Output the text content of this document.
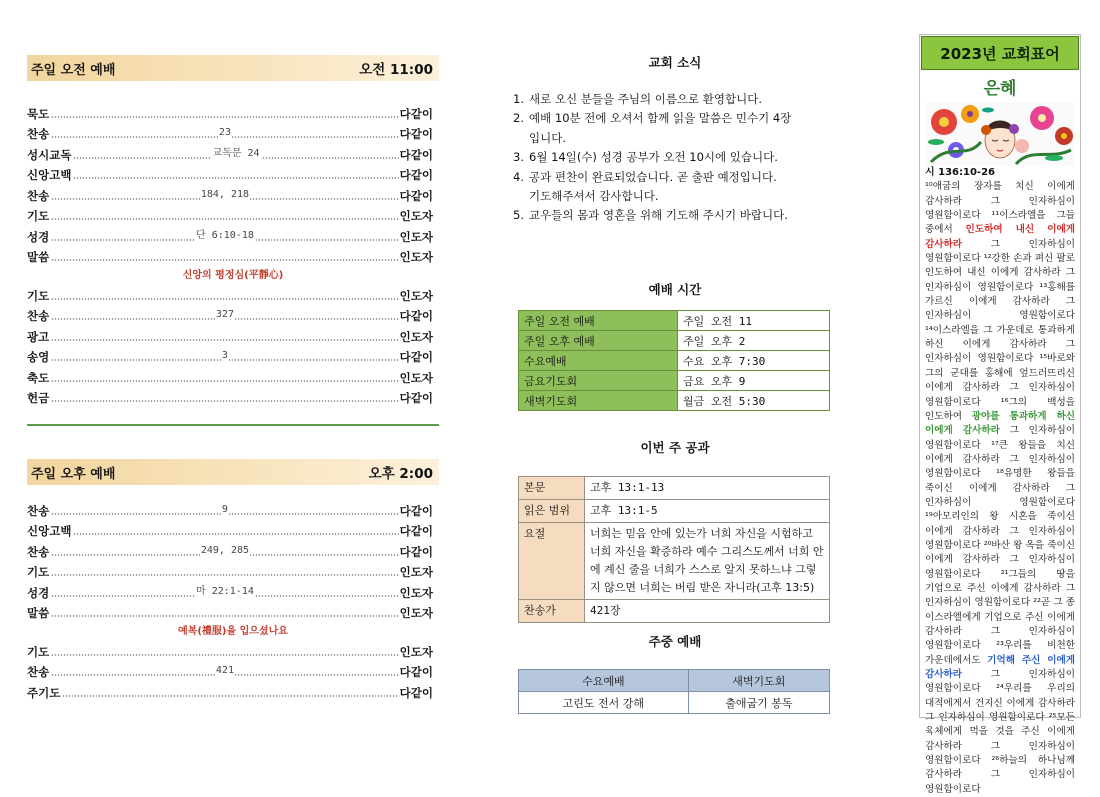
주일 오전 예배	오전 11:00
묵도	다같이
찬송	23	다같이
성시교독	교독문 24	다같이
신앙고백	다같이
찬송	184, 218	다같이
기도	인도자
성경	단 6:10-18	인도자
말씀	인도자
신앙의 평정심(平靜心)
기도	인도자
찬송	327	다같이
광고	인도자
송영	3	다같이
축도	인도자
헌금	다같이
주일 오후 예배	오후 2:00
찬송	9	다같이
신앙고백	다같이
찬송	249, 285	다같이
기도	인도자
성경	마 22:1-14	인도자
말씀	인도자
예복(禮服)을 입으셨나요
기도	인도자
찬송	421	다같이
주기도	다같이
교회 소식
1. 새로 오신 분들을 주님의 이름으로 환영합니다.
2. 예배 10분 전에 오셔서 함께 읽을 말씀은 민수기 4장
입니다.
3. 6월 14일(수) 성경 공부가 오전 10시에 있습니다.
4. 공과 편찬이 완료되었습니다. 곧 출판 예정입니다.
기도해주셔서 감사합니다.
5. 교우들의 몸과 영혼을 위해 기도해 주시기 바랍니다.
예배 시간
주일 오전 예배	주일 오전 11
주일 오후 예배	주일 오후 2
수요예배	수요 오후 7:30
금요기도회	금요 오후 9
새벽기도회	월금 오전 5:30
이번 주 공과
본문	고후 13:1-13
읽은 범위	고후 13:1-5
요절	너희는 믿음 안에 있는가 너희 자신을 시험하고 너희 자신을 확증하라 예수 그리스도께서 너희 안에 계신 줄을 너희가 스스로 알지 못하느냐 그렇지 않으면 너희는 버림 받은 자니라(고후 13:5)
찬송가	421장
주중 예배
수요예배	새벽기도회
고린도 전서 강해	출애굽기 봉독
2023년 교회표어
은혜
시 136:10-26
¹⁰애굽의 장자를 치신 이에게 감사하라 그 인자하심이 영원함이로다 ¹¹이스라엘을 그들 중에서 인도하여 내신 이에게 감사하라 그 인자하심이 영원함이로다 ¹²강한 손과 펴신 팔로 인도하여 내신 이에게 감사하라 그 인자하심이 영원함이로다 ¹³홍해를 가르신 이에게 감사하라 그 인자하심이 영원함이로다 ¹⁴이스라엘을 그 가운데로 통과하게 하신 이에게 감사하라 그 인자하심이 영원함이로다 ¹⁵바로와 그의 군대를 홍해에 엎드러뜨리신 이에게 감사하라 그 인자하심이 영원함이로다 ¹⁶그의 백성을 인도하여 광야를 통과하게 하신 이에게 감사하라 그 인자하심이 영원함이로다 ¹⁷큰 왕들을 치신 이에게 감사하라 그 인자하심이 영원함이로다 ¹⁸유명한 왕들을 죽이신 이에게 감사하라 그 인자하심이 영원함이로다 ¹⁹아모리인의 왕 시혼을 죽이신 이에게 감사하라 그 인자하심이 영원함이로다 ²⁰바산 왕 옥을 죽이신 이에게 감사하라 그 인자하심이 영원함이로다 ²¹그들의 땅을 기업으로 주신 이에게 감사하라 그 인자하심이 영원함이로다 ²²곧 그 종 이스라엘에게 기업으로 주신 이에게 감사하라 그 인자하심이 영원함이로다 ²³우리를 비천한 가운데에서도 기억해 주신 이에게 감사하라 그 인자하심이 영원함이로다 ²⁴우리를 우리의 대적에게서 건지신 이에게 감사하라 그 인자하심이 영원함이로다 ²⁵모든 육체에게 먹을 것을 주신 이에게 감사하라 그 인자하심이 영원함이로다 ²⁶하늘의 하나님께 감사하라 그 인자하심이 영원함이로다
